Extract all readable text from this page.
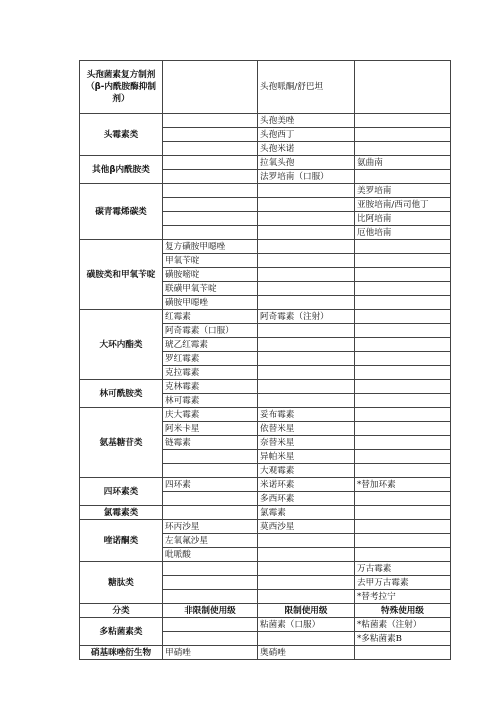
头孢菌素复方制剂（β-内酰胺酶抑制剂）		头孢哌酮/舒巴坦	
头霉素类		头孢美唑	
		头孢西丁	
		头孢米诺	
其他β内酰胺类		拉氧头孢	氨曲南
		法罗培南（口服）	
碳青霉烯碳类			美罗培南
			亚胺培南/西司他丁
			比阿培南
			厄他培南
磺胺类和甲氧苄啶	复方磺胺甲噁唑		
	甲氧苄啶		
	磺胺嘧啶		
	联磺甲氧苄啶		
	磺胺甲噁唑		
大环内酯类	红霉素	阿奇霉素（注射）	
	阿奇霉素（口服）		
	琥乙红霉素		
	罗红霉素		
	克拉霉素		
林可酰胺类	克林霉素		
	林可霉素		
氨基糖苷类	庆大霉素	妥布霉素	
	阿米卡星	依替米星	
	链霉素	奈替米星	
		异帕米星	
		大观霉素	
四环素类	四环素	米诺环素	*替加环素
		多西环素	
氯霉素类		氯霉素	
喹诺酮类	环丙沙星	莫西沙星	
	左氧氟沙星		
	吡哌酸		
糖肽类			万古霉素
			去甲万古霉素
			*替考拉宁
分类	非限制使用级	限制使用级	特殊使用级
多粘菌素类		粘菌素（口服）	*粘菌素（注射）
			*多粘菌素B
硝基咪唑衍生物	甲硝唑	奥硝唑	
